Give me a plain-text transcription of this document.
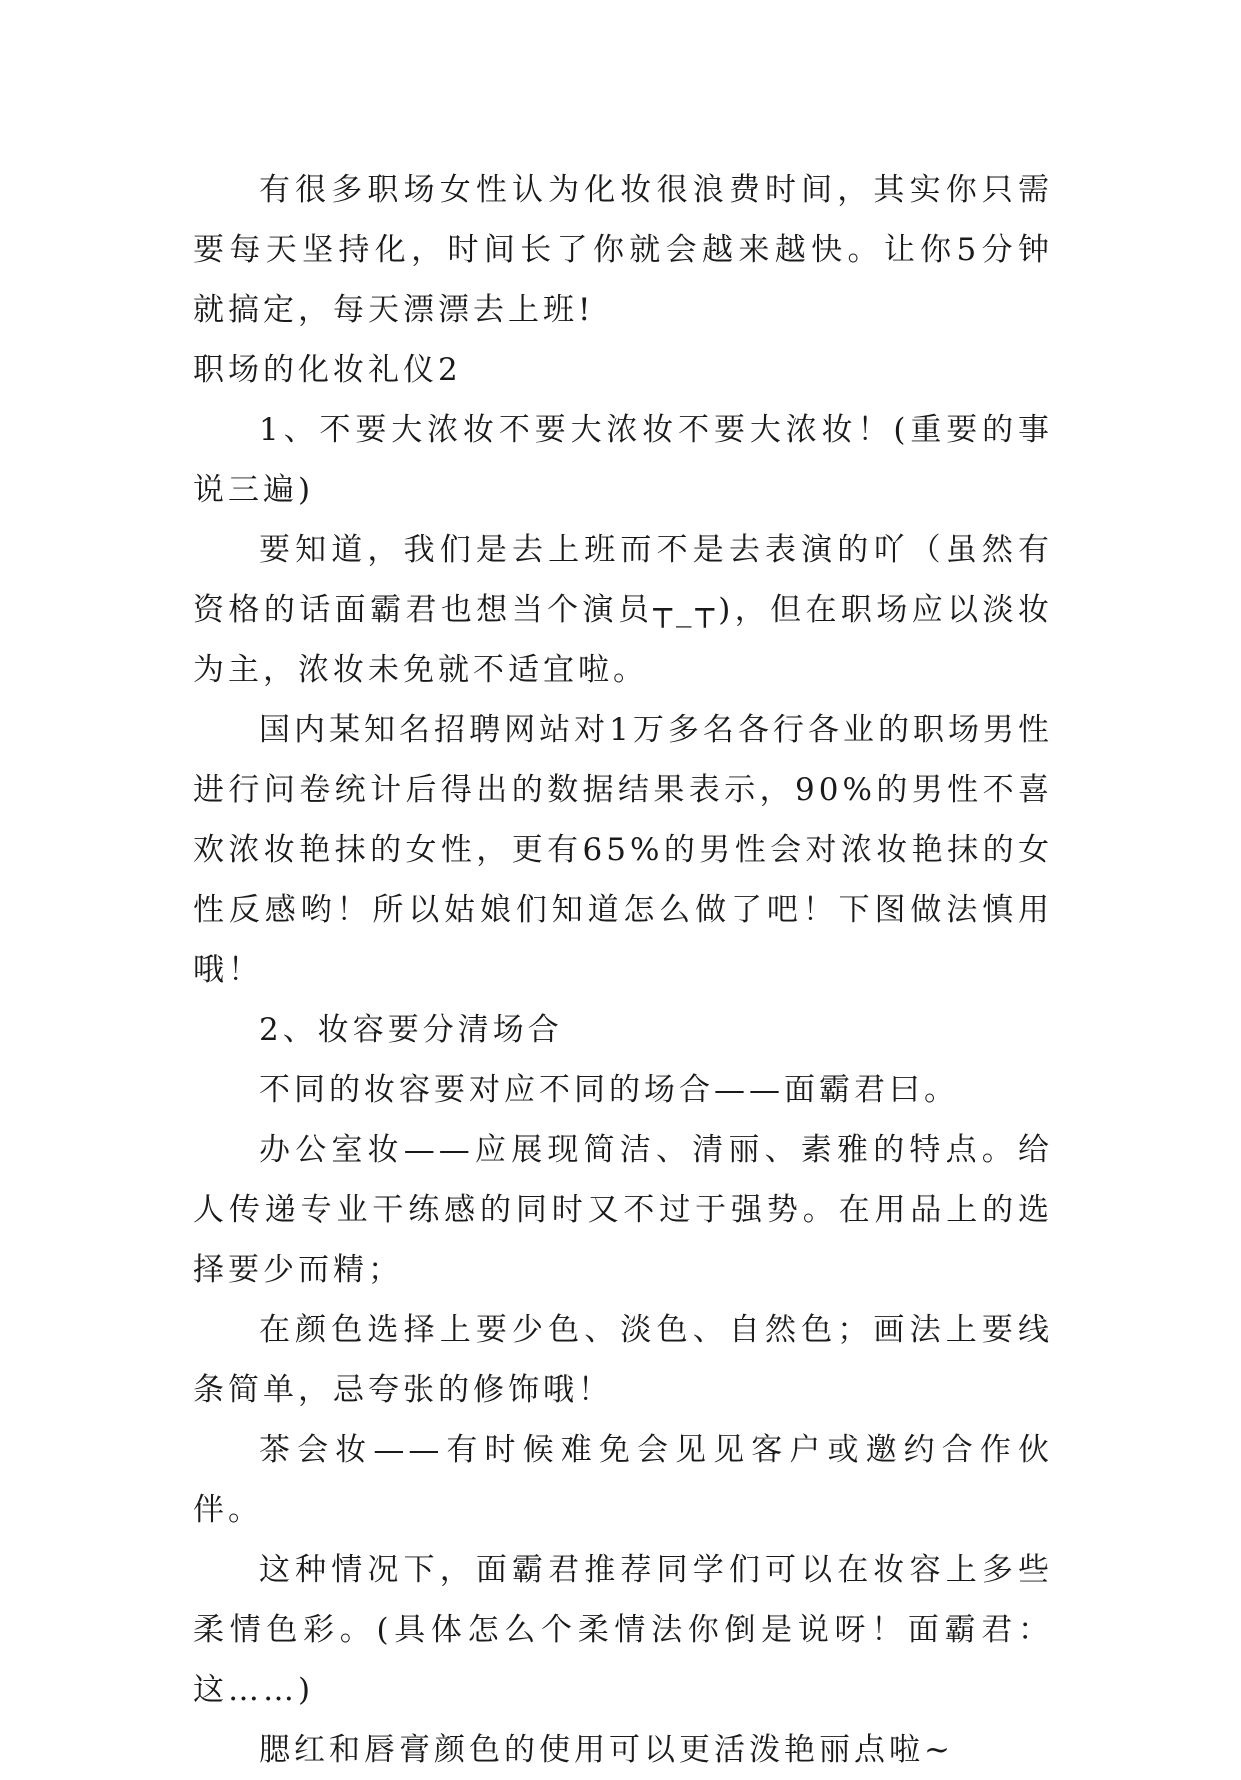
有很多职场女性认为化妆很浪费时间，其实你只需要每天坚持化，时间长了你就会越来越快。让你5分钟就搞定，每天漂漂去上班!

职场的化妆礼仪2

1、不要大浓妆不要大浓妆不要大浓妆！(重要的事说三遍)

要知道，我们是去上班而不是去表演的吖（虽然有资格的话面霸君也想当个演员┬_┬)，但在职场应以淡妆为主，浓妆未免就不适宜啦。

国内某知名招聘网站对1万多名各行各业的职场男性进行问卷统计后得出的数据结果表示，90%的男性不喜欢浓妆艳抹的女性，更有65%的男性会对浓妆艳抹的女性反感哟！所以姑娘们知道怎么做了吧！下图做法慎用哦！

2、妆容要分清场合

不同的妆容要对应不同的场合——面霸君曰。

办公室妆——应展现简洁、清丽、素雅的特点。给人传递专业干练感的同时又不过于强势。在用品上的选择要少而精；

在颜色选择上要少色、淡色、自然色；画法上要线条简单，忌夸张的修饰哦！

茶会妆——有时候难免会见见客户或邀约合作伙伴。

这种情况下，面霸君推荐同学们可以在妆容上多些柔情色彩。(具体怎么个柔情法你倒是说呀！面霸君：这……)

腮红和唇膏颜色的使用可以更活泼艳丽点啦~
